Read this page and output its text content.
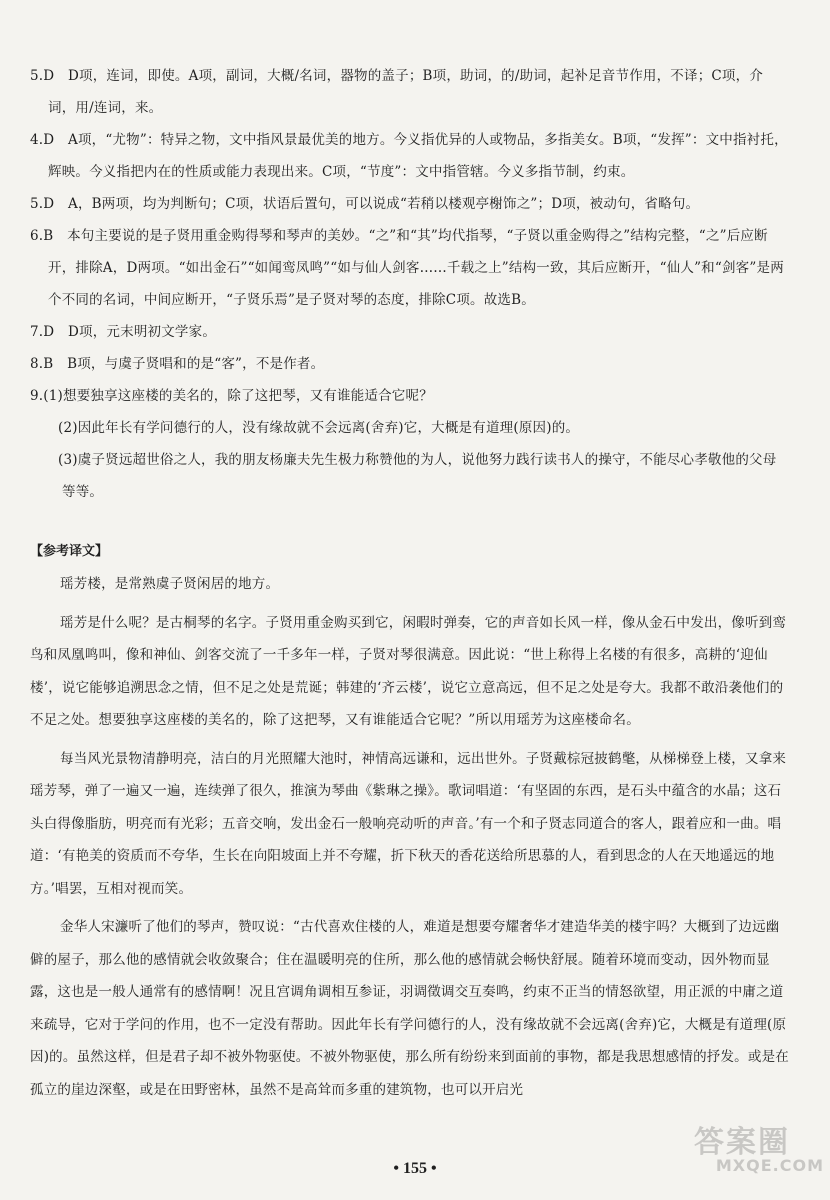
5.D　D项，连词，即使。A项，副词，大概/名词，器物的盖子；B项，助词，的/助词，起补足音节作用，不译；C项，介词，用/连词，来。

4.D　A项，“尤物”：特异之物，文中指风景最优美的地方。今义指优异的人或物品，多指美女。B项，“发挥”：文中指衬托，辉映。今义指把内在的性质或能力表现出来。C项，“节度”：文中指管辖。今义多指节制，约束。

5.D　A，B两项，均为判断句；C项，状语后置句，可以说成“若稍以楼观亭榭饰之”；D项，被动句，省略句。

6.B　本句主要说的是子贤用重金购得琴和琴声的美妙。“之”和“其”均代指琴，“子贤以重金购得之”结构完整，“之”后应断开，排除A，D两项。“如出金石”“如闻鸾凤鸣”“如与仙人剑客……千载之上”结构一致，其后应断开，“仙人”和“剑客”是两个不同的名词，中间应断开，“子贤乐焉”是子贤对琴的态度，排除C项。故选B。

7.D　D项，元末明初文学家。

8.B　B项，与虞子贤唱和的是“客”，不是作者。

9.(1)想要独享这座楼的美名的，除了这把琴，又有谁能适合它呢？

(2)因此年长有学问德行的人，没有缘故就不会远离(舍弃)它，大概是有道理(原因)的。

(3)虞子贤远超世俗之人，我的朋友杨廉夫先生极力称赞他的为人，说他努力践行读书人的操守，不能尽心孝敬他的父母等等。

【参考译文】

瑶芳楼，是常熟虞子贤闲居的地方。

瑶芳是什么呢？是古桐琴的名字。子贤用重金购买到它，闲暇时弹奏，它的声音如长风一样，像从金石中发出，像听到鸾鸟和凤凰鸣叫，像和神仙、剑客交流了一千多年一样，子贤对琴很满意。因此说：“世上称得上名楼的有很多，高耕的‘迎仙楼’，说它能够追溯思念之情，但不足之处是荒诞；韩建的‘齐云楼’，说它立意高远，但不足之处是夸大。我都不敢沿袭他们的不足之处。想要独享这座楼的美名的，除了这把琴，又有谁能适合它呢？”所以用瑶芳为这座楼命名。

每当风光景物清静明亮，洁白的月光照耀大池时，神情高远谦和，远出世外。子贤戴棕冠披鹤氅，从梯梯登上楼，又拿来瑶芳琴，弹了一遍又一遍，连续弹了很久，推演为琴曲《紫琳之操》。歌词唱道：‘有坚固的东西，是石头中蕴含的水晶；这石头白得像脂肪，明亮而有光彩；五音交响，发出金石一般响亮动听的声音。’有一个和子贤志同道合的客人，跟着应和一曲。唱道：‘有艳美的资质而不夸华，生长在向阳坡面上并不夸耀，折下秋天的香花送给所思慕的人，看到思念的人在天地遥远的地方。’唱罢，互相对视而笑。

金华人宋濂听了他们的琴声，赞叹说：“古代喜欢住楼的人，难道是想要夸耀奢华才建造华美的楼宇吗？大概到了边远幽僻的屋子，那么他的感情就会收敛聚合；住在温暖明亮的住所，那么他的感情就会畅快舒展。随着环境而变动，因外物而显露，这也是一般人通常有的感情啊！况且宫调角调相互参证，羽调徵调交互奏鸣，约束不正当的情怒欲望，用正派的中庸之道来疏导，它对于学问的作用，也不一定没有帮助。因此年长有学问德行的人，没有缘故就不会远离(舍弃)它，大概是有道理(原因)的。虽然这样，但是君子却不被外物驱使。不被外物驱使，那么所有纷纷来到面前的事物，都是我思想感情的抒发。或是在孤立的崖边深壑，或是在田野密林，虽然不是高耸而多重的建筑物，也可以开启光

• 155 •
答案圈
MXQE.COM
